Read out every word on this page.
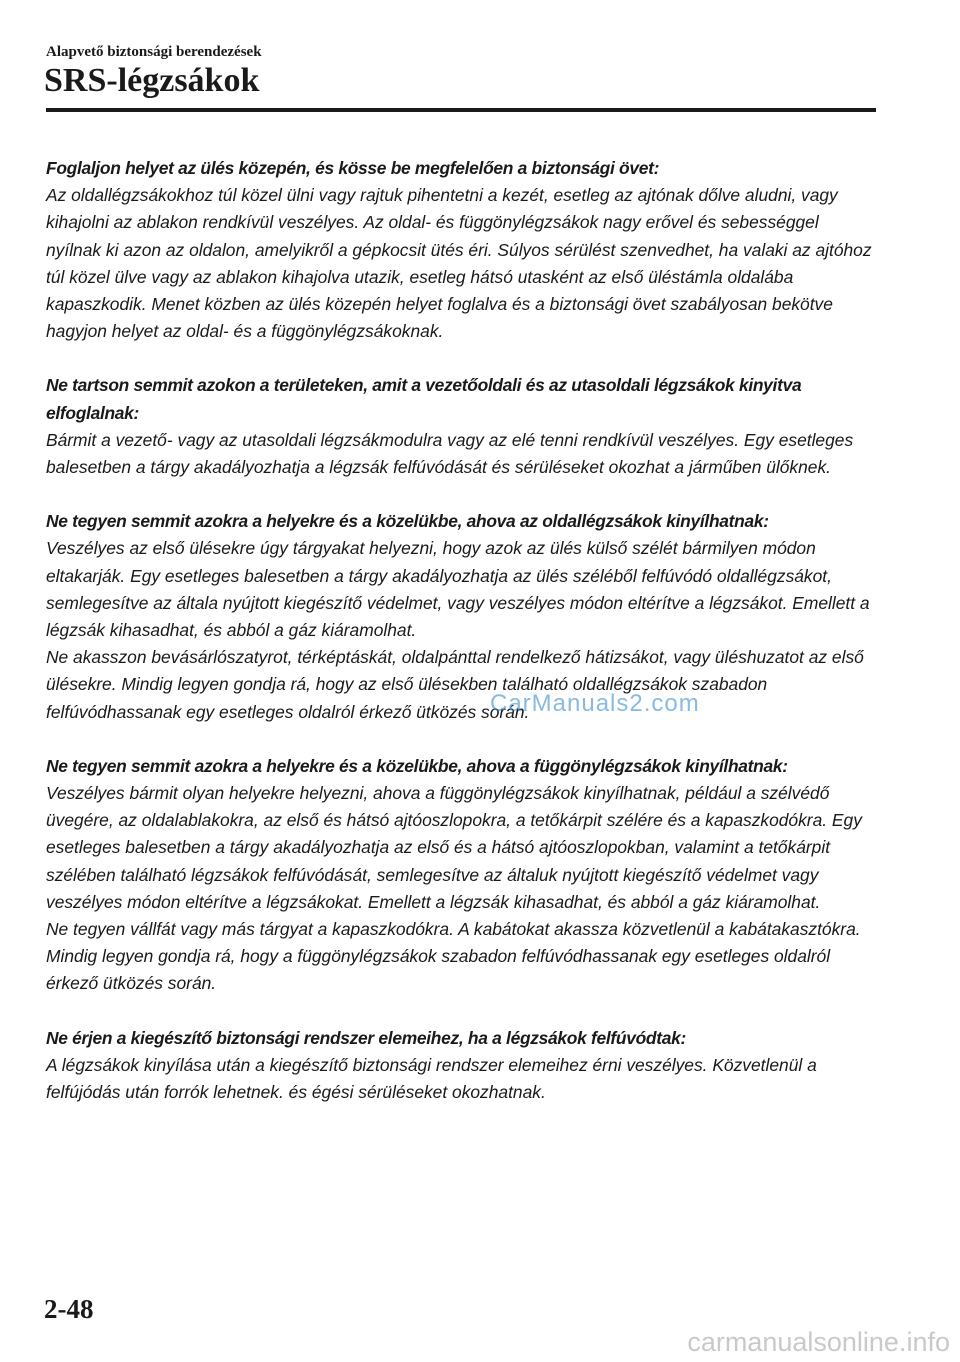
Alapvető biztonsági berendezések
SRS-légzsákok

Foglaljon helyet az ülés közepén, és kösse be megfelelően a biztonsági övet:

Az oldallégzsákokhoz túl közel ülni vagy rajtuk pihentetni a kezét, esetleg az ajtónak dőlve aludni, vagy kihajolni az ablakon rendkívül veszélyes. Az oldal- és függönylégzsákok nagy erővel és sebességgel nyílnak ki azon az oldalon, amelyikről a gépkocsit ütés éri. Súlyos sérülést szenvedhet, ha valaki az ajtóhoz túl közel ülve vagy az ablakon kihajolva utazik, esetleg hátsó utasként az első üléstámla oldalába kapaszkodik. Menet közben az ülés közepén helyet foglalva és a biztonsági övet szabályosan bekötve hagyjon helyet az oldal- és a függönylégzsákoknak.

Ne tartson semmit azokon a területeken, amit a vezetőoldali és az utasoldali légzsákok kinyitva elfoglalnak:

Bármit a vezető- vagy az utasoldali légzsákmodulra vagy az elé tenni rendkívül veszélyes. Egy esetleges balesetben a tárgy akadályozhatja a légzsák felfúvódását és sérüléseket okozhat a járműben ülőknek.

Ne tegyen semmit azokra a helyekre és a közelükbe, ahova az oldallégzsákok kinyílhatnak:

Veszélyes az első ülésekre úgy tárgyakat helyezni, hogy azok az ülés külső szélét bármilyen módon eltakarják. Egy esetleges balesetben a tárgy akadályozhatja az ülés széléből felfúvódó oldallégzsákot, semlegesítve az általa nyújtott kiegészítő védelmet, vagy veszélyes módon eltérítve a légzsákot. Emellett a légzsák kihasadhat, és abból a gáz kiáramolhat.

Ne akasszon bevásárlószatyrot, térképtáskát, oldalpánttal rendelkező hátizsákot, vagy üléshuzatot az első ülésekre. Mindig legyen gondja rá, hogy az első ülésekben található oldallégzsákok szabadon felfúvódhassanak egy esetleges oldalról érkező ütközés során.

Ne tegyen semmit azokra a helyekre és a közelükbe, ahova a függönylégzsákok kinyílhatnak:

Veszélyes bármit olyan helyekre helyezni, ahova a függönylégzsákok kinyílhatnak, például a szélvédő üvegére, az oldalablakokra, az első és hátsó ajtóoszlopokra, a tetőkárpit szélére és a kapaszkodókra. Egy esetleges balesetben a tárgy akadályozhatja az első és a hátsó ajtóoszlopokban, valamint a tetőkárpit szélében található légzsákok felfúvódását, semlegesítve az általuk nyújtott kiegészítő védelmet vagy veszélyes módon eltérítve a légzsákokat. Emellett a légzsák kihasadhat, és abból a gáz kiáramolhat.

Ne tegyen vállfát vagy más tárgyat a kapaszkodókra. A kabátokat akassza közvetlenül a kabátakasztókra. Mindig legyen gondja rá, hogy a függönylégzsákok szabadon felfúvódhassanak egy esetleges oldalról érkező ütközés során.

Ne érjen a kiegészítő biztonsági rendszer elemeihez, ha a légzsákok felfúvódtak:

A légzsákok kinyílása után a kiegészítő biztonsági rendszer elemeihez érni veszélyes. Közvetlenül a felfújódás után forrók lehetnek. és égési sérüléseket okozhatnak.

CarManuals2.com
2-48
carmanualsonline.info
